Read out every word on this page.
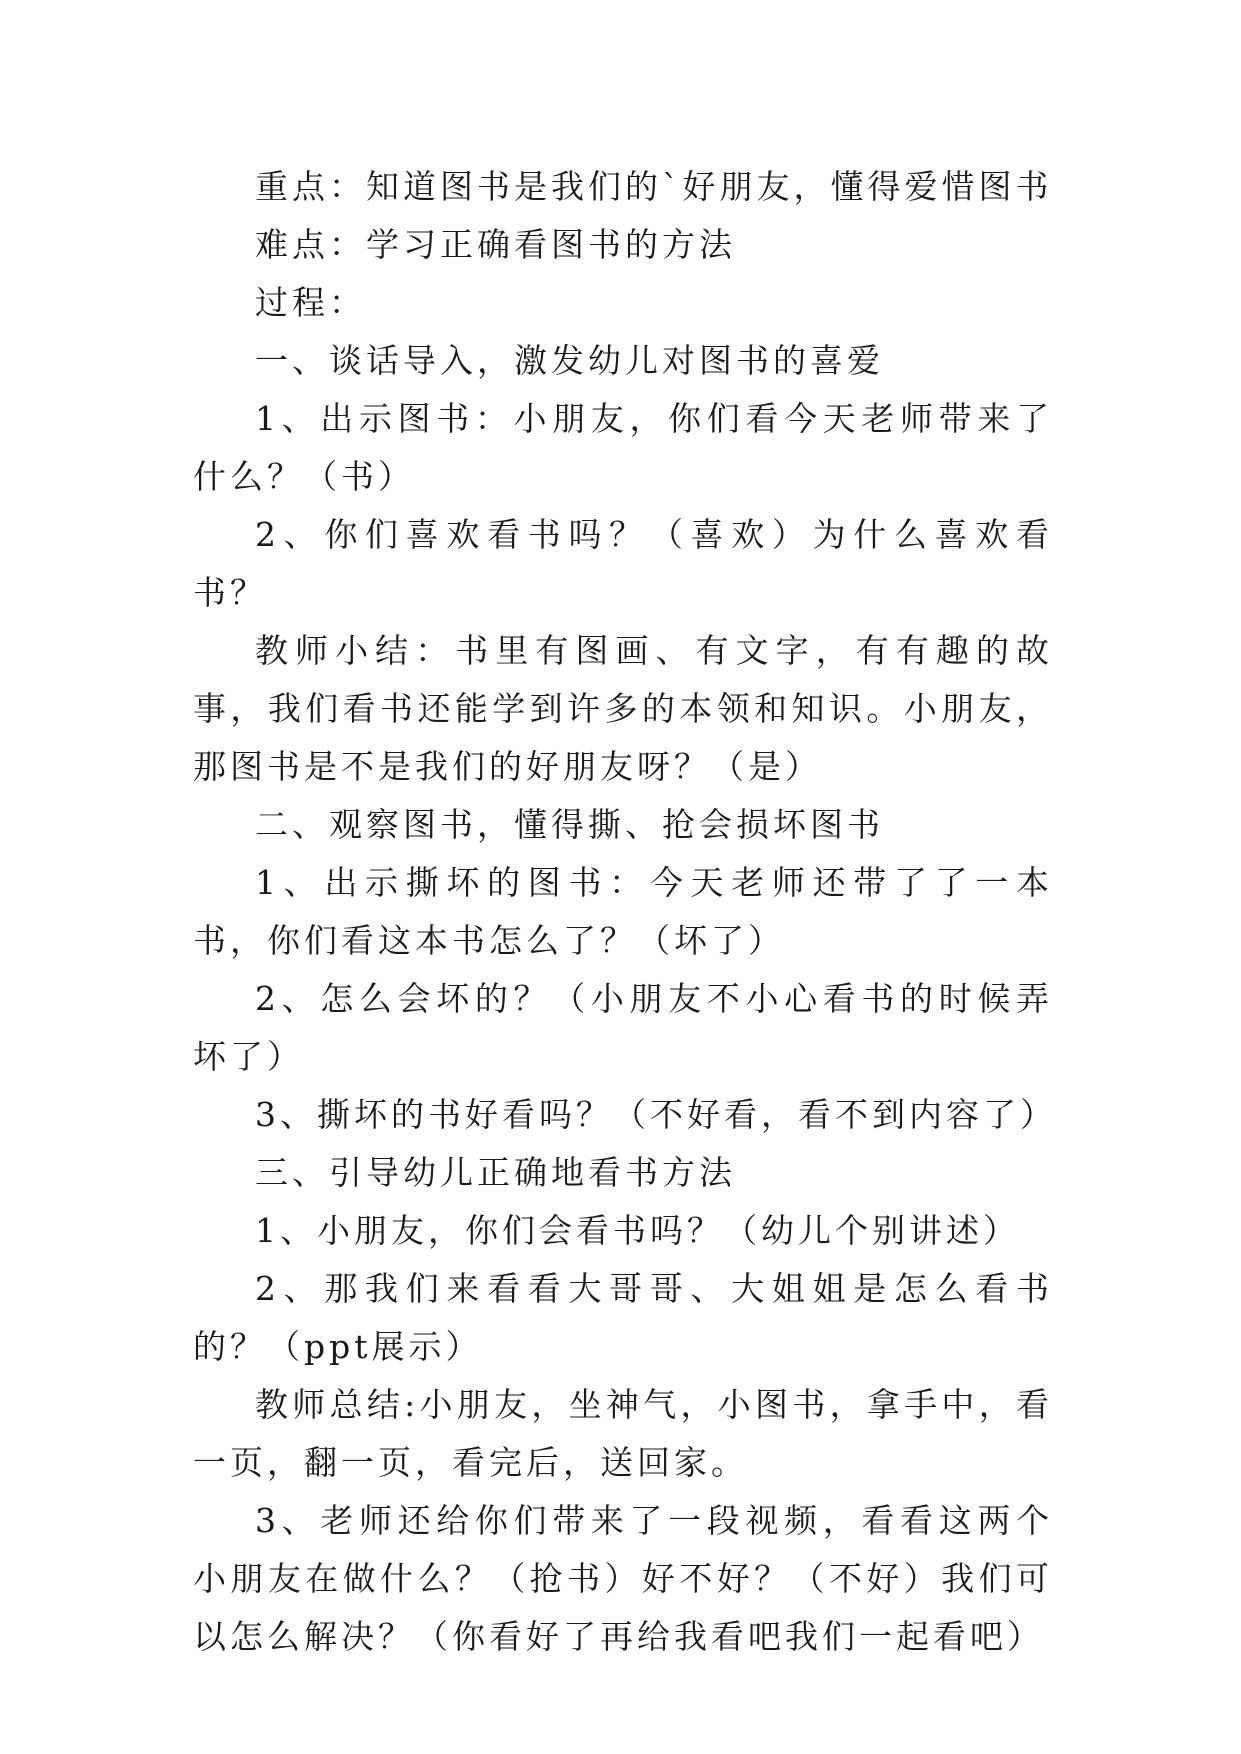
重点：知道图书是我们的`好朋友，懂得爱惜图书

难点：学习正确看图书的方法

过程：

一、谈话导入，激发幼儿对图书的喜爱

1、出示图书：小朋友，你们看今天老师带来了什么？（书）

2、你们喜欢看书吗？（喜欢）为什么喜欢看书？

教师小结：书里有图画、有文字，有有趣的故事，我们看书还能学到许多的本领和知识。小朋友，那图书是不是我们的好朋友呀？（是）

二、观察图书，懂得撕、抢会损坏图书

1、出示撕坏的图书：今天老师还带了了一本书，你们看这本书怎么了？（坏了）

2、怎么会坏的？（小朋友不小心看书的时候弄坏了）

3、撕坏的书好看吗？（不好看，看不到内容了）

三、引导幼儿正确地看书方法

1、小朋友，你们会看书吗？（幼儿个别讲述）

2、那我们来看看大哥哥、大姐姐是怎么看书的？（ppt展示）

教师总结:小朋友，坐神气，小图书，拿手中，看一页，翻一页，看完后，送回家。

3、老师还给你们带来了一段视频，看看这两个小朋友在做什么？（抢书）好不好？（不好）我们可以怎么解决？（你看好了再给我看吧我们一起看吧）
